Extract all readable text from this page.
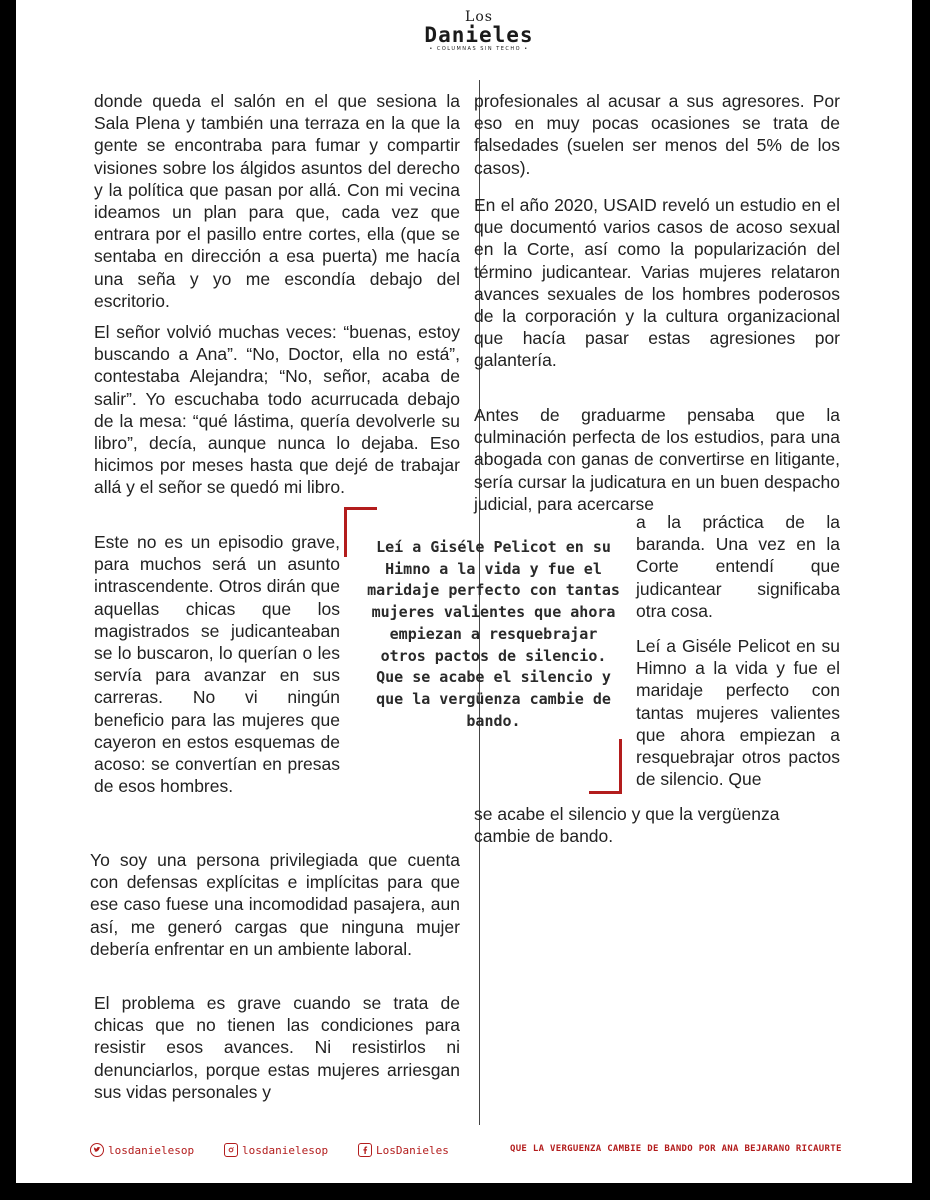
Los
Danieles
• COLUMNAS SIN TECHO •

donde queda el salón en el que sesiona la Sala Plena y también una terraza en la que la gente se encontraba para fumar y compartir visiones sobre los álgidos asuntos del derecho y la política que pasan por allá. Con mi vecina ideamos un plan para que, cada vez que entrara por el pasillo entre cortes, ella (que se sentaba en dirección a esa puerta) me hacía una seña y yo me escondía debajo del escritorio.

El señor volvió muchas veces: “buenas, estoy buscando a Ana”. “No, Doctor, ella no está”, contestaba Alejandra; “No, señor, acaba de salir”. Yo escuchaba todo acurrucada debajo de la mesa: “qué lástima, quería devolverle su libro”, decía, aunque nunca lo dejaba. Eso hicimos por meses hasta que dejé de trabajar allá y el señor se quedó mi libro.

Este no es un episodio grave, para muchos será un asunto intrascendente. Otros dirán que aquellas chicas que los magistrados se judicanteaban se lo buscaron, lo querían o les servía para avanzar en sus carreras. No vi ningún beneficio para las mujeres que cayeron en estos esquemas de acoso: se convertían en presas de esos hombres.

Yo soy una persona privilegiada que cuenta con defensas explícitas e implícitas para que ese caso fuese una incomodidad pasajera, aun así, me generó cargas que ninguna mujer debería enfrentar en un ambiente laboral.

El problema es grave cuando se trata de chicas que no tienen las condiciones para resistir esos avances. Ni resistirlos ni denunciarlos, porque estas mujeres arriesgan sus vidas personales y

profesionales al acusar a sus agresores. Por eso en muy pocas ocasiones se trata de falsedades (suelen ser menos del 5% de los casos).

En el año 2020, USAID reveló un estudio en el que documentó varios casos de acoso sexual en la Corte, así como la popularización del término judicantear. Varias mujeres relataron avances sexuales de los hombres poderosos de la corporación y la cultura organizacional que hacía pasar estas agresiones por galantería.

Antes de graduarme pensaba que la culminación perfecta de los estudios, para una abogada con ganas de convertirse en litigante, sería cursar la judicatura en un buen despacho judicial, para acercarse

a la práctica de la baranda. Una vez en la Corte entendí que judicantear significaba otra cosa.

Leí a Giséle Pelicot en su Himno a la vida y fue el maridaje perfecto con tantas mujeres valientes que ahora empiezan a resquebrajar otros pactos de silencio. Que

se acabe el silencio y que la vergüenza cambie de bando.

Leí a Giséle Pelicot en su Himno a la vida y fue el maridaje perfecto con tantas mujeres valientes que ahora empiezan a resquebrajar otros pactos de silencio. Que se acabe el silencio y que la vergüenza cambie de bando.

losdanielesop	losdanielesop	LosDanieles	QUE LA VERGUENZA CAMBIE DE BANDO POR ANA BEJARANO RICAURTE
